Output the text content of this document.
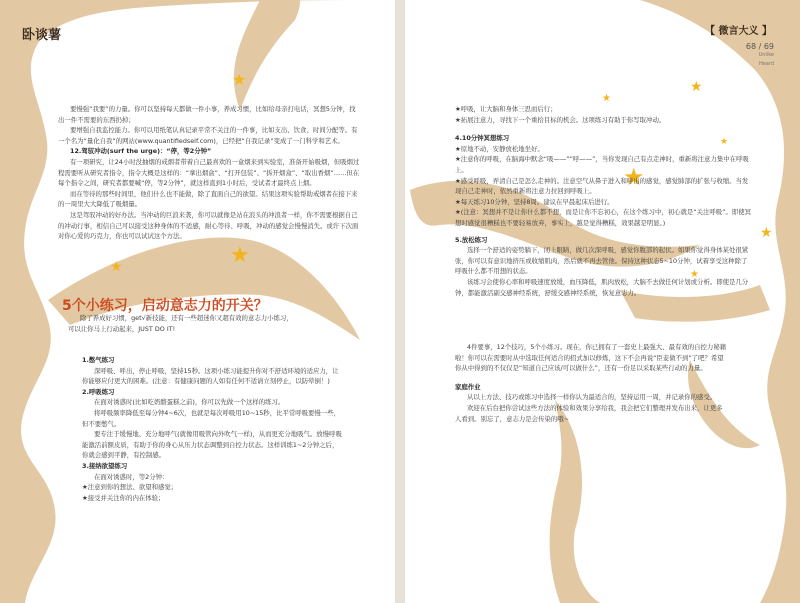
★
★
★
★
★
★
★
★
★
卧谈薯	【 微言大义 】
68 / 69
Unlike
Heard

要慢强“我要”的力量。你可以坚持每天都做一件小事，养成习惯，比如给母亲打电话，冥想5分钟，找出一件不需要的东西扔掉；

要增强自我监控能力。你可以用纸笔认真记录平常不关注的一件事，比如支出、饮食、时间分配等。有一个名为“量化自我”的网站(www.quantifiedself.com)，已经把“自我记录”变成了一门科学和艺术。

12.驾驭冲动(surf the urge)：“停，等2分钟”

有一项研究，让24小时没抽烟的戒烟者带着自己最喜欢的一盒烟来到实验室，准备开始吸烟，但吸烟过程需要听从研究者指令，指令大概是这样的：“拿出烟盒”、“打开包装”、“拆开烟盒”、“取出香烟”……但在每个指令之间，研究者都要喊“停，等2分钟”，就这样直到1小时后，受试者才最终点上烟。

而在等待的那些时间里，他们什么也不能做，除了直面自己的欲望。结果这项实验帮助戒烟者在接下来的一周里大大降低了吸烟量。

这是驾驭冲动的好办法。当冲动的巨浪来袭，你可以就像是站在浪头的冲浪者一样，你不需要根据自己的冲动行事，相信自己可以接受这种身体的不适感，耐心等待、呼吸，冲动的感觉会慢慢消失。或许下次面对你心爱的巧克力，你也可以试试这个方法。

5个小练习，启动意志力的开关？

除了养成好习惯，get√新技能，还有一些超迷你又超有效的意志力小练习，

可以让你马上行动起来，JUST DO IT!

1.憋气练习

深呼吸、呼出，停止呼吸，坚持15秒。这项小练习能提升你对不舒适环境的适应力，让你能够应付更大的困难。(注意：有健康问题的人如有任何不适请立刻停止，以防晕倒！)

2.呼吸练习

在面对诱惑时(比如吃奶酪蛋糕之前)，你可以先做一个这样的练习。

将呼吸频率降低至每分钟4~6次，也就是每次呼吸用10~15秒，比平常呼吸要慢一些，但不要憋气。

要专注于缓慢地、充分地呼气(就像用吸管向外吹气一样)，从而更充分地吸气。放慢呼吸能激活前额皮质，有助于你的身心从压力状态调整到自控力状态。这样训练1~2分钟之后，你就会感到平静，有控制感。

3.接纳欲望练习

在面对诱惑时，等2分钟：

★注意到你的想法、欲望和感觉；

★接受并关注你的内在体验；

★呼吸，让大脑和身体三思而后行；

★拓展注意力，寻找下一个重拾目标的机会。这项练习有助于你写取冲动。

4.10分钟冥想练习

★原地不动，安静放松地坐好。

★注意你的呼吸，在脑海中默念“吸——”“呼——”，当你发现自己有点走神时，重新将注意力集中在呼吸上。

★感受呼吸，弄清自己是怎么走神的。注意空气从鼻子进入和呼出的感觉，感觉肺部的扩张与收缩。当发现自己走神时，依然重新将注意力拉回到呼吸上。

★每天练习10分钟，坚持8周。建议在早晨起床后进行。

★(注意：冥想并不是让你什么都不想，而是让你不忘初心，在这个练习中，初心就是“关注呼吸”。即使冥想时感觉很糟糕也不要轻易放弃，事实上，越是觉得糟糕，效果越是明显。)

5.放松练习

选择一个舒适的姿势躺下，闭上眼睛，做几次深呼吸，感觉你腹部的起伏。如果你觉得身体某处很紧张，你可以有意识地挤压或收缩肌肉，然后就不再去管他。保持这种状态5~10分钟，试着享受这种除了呼吸什么都不用想的状态。

该练习会使你心率和呼吸速度放缓，血压降低，肌肉放松，大脑不去做任何计划或分析。即使是几分钟，都能激活副交感神经系统，舒缓交感神经系统，恢复意志力。

4件要事，12个技巧，5个小练习。现在，你已拥有了一套史上最强大、最有效的自控力秘籍啦！你可以在需要时从中选取任何适合的招式加以修炼，这下不会再说“臣妾做不到”了吧？希望你从中得到的不仅仅是“知道自己应该/可以做什么”，还有一份足以采取某些行动的力量。

家庭作业

从以上方法、技巧或练习中选择一样你认为最适合的，坚持运用一周，并记录你的感受。

欢迎在后台把你尝试这些方法的体验和效果分享给我，我会把它们整理并发布出来，让更多人看到。别忘了，意志力是会传染的哦~
